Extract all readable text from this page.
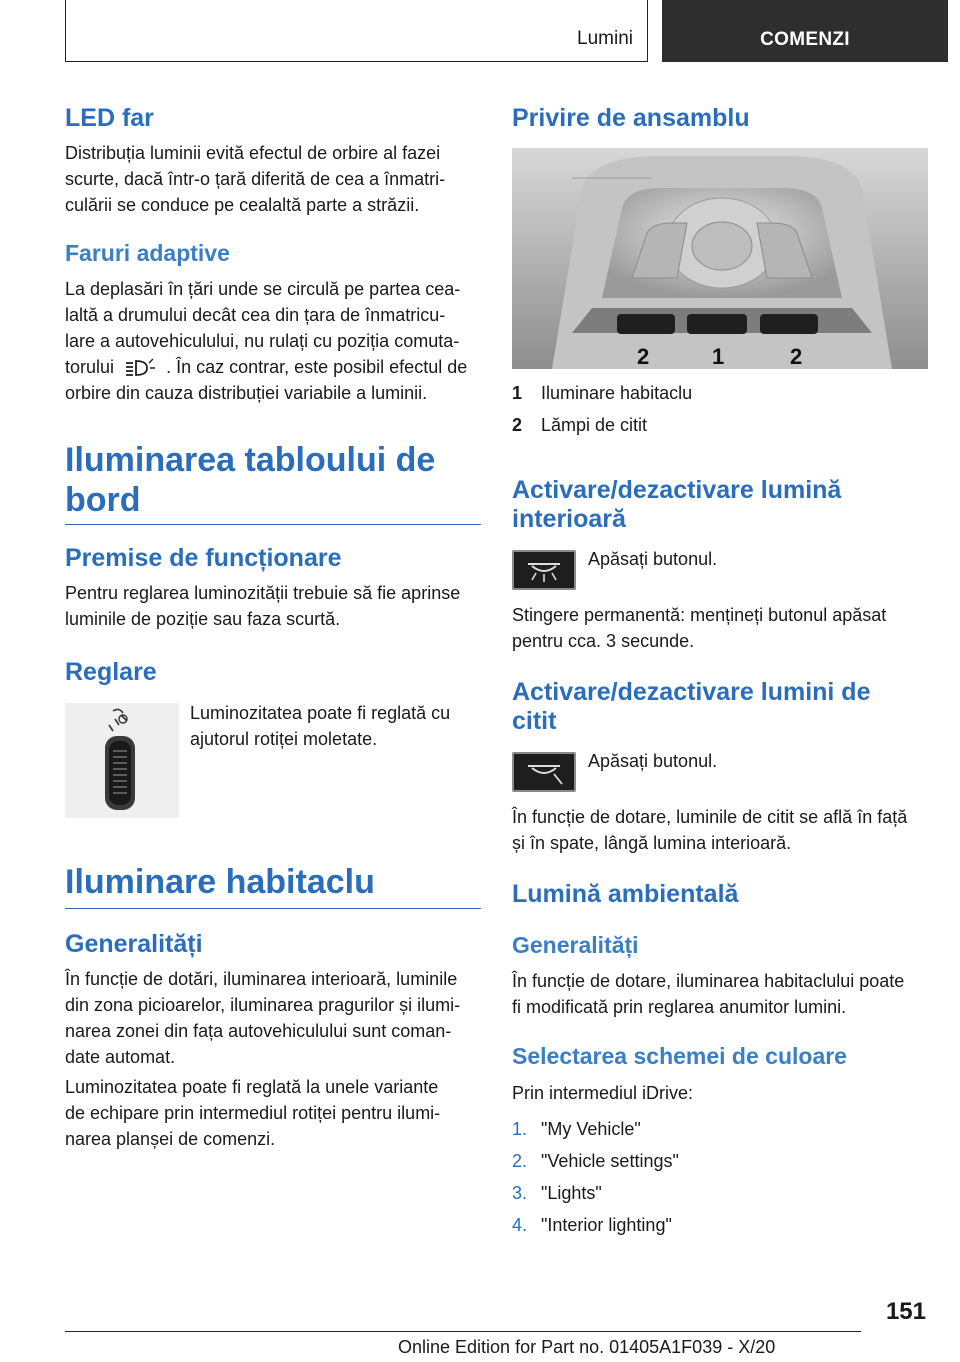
Lumini	COMENZI
LED far

Distribuția luminii evită efectul de orbire al fazei

scurte, dacă într-o țară diferită de cea a înmatri-

culării se conduce pe cealaltă parte a străzii.

Faruri adaptive

La deplasări în țări unde se circulă pe partea cea-

laltă a drumului decât cea din țara de înmatricu-

lare a autovehiculului, nu rulați cu poziția comuta-

torului	. În caz contrar, este posibil efectul de

orbire din cauza distribuției variabile a luminii.

Iluminarea tabloului de
bord
Premise de funcționare

Pentru reglarea luminozității trebuie să fie aprinse

luminile de poziție sau faza scurtă.

Reglare

Luminozitatea poate fi reglată cu

ajutorul rotiței moletate.

Iluminare habitaclu
Generalități

În funcție de dotări, iluminarea interioară, luminile

din zona picioarelor, iluminarea pragurilor și ilumi-

narea zonei din fața autovehiculului sunt coman-

date automat.

Luminozitatea poate fi reglată la unele variante

de echipare prin intermediul rotiței pentru ilumi-

narea planșei de comenzi.

Privire de ansamblu
2	1	2
1 Iluminare habitaclu
2 Lămpi de citit
Activare/dezactivare lumină
interioară

Apăsați butonul.

Stingere permanentă: mențineți butonul apăsat

pentru cca. 3 secunde.

Activare/dezactivare lumini de
citit

Apăsați butonul.

În funcție de dotare, luminile de citit se află în față

și în spate, lângă lumina interioară.

Lumină ambientală
Generalități

În funcție de dotare, iluminarea habitaclului poate

fi modificată prin reglarea anumitor lumini.

Selectarea schemei de culoare

Prin intermediul iDrive:

1. "My Vehicle"
2. "Vehicle settings"
3. "Lights"
4. "Interior lighting"
151
Online Edition for Part no. 01405A1F039 - X/20
